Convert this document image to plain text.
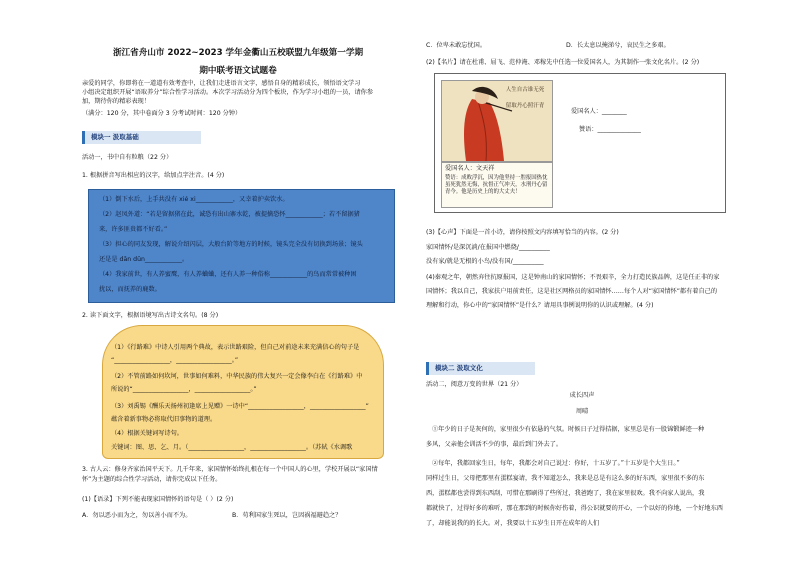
浙江省舟山市 2022~2023 学年金衢山五校联盟九年级第一学期
期中联考语文试题卷
亲爱的同学，你即将在一道道有效考查中，让我们走进语言文字，感悟自身的精彩成长，领悟语文学习
小组决定组织开展“语取养分”综合性学习活动。本次学习活动分为四个板块，作为学习小组的一员，请你参
加，期待你的精彩表现！
（满分：120 分，其中卷面分 3 分考试时间：120 分钟）
模块一 汲取基础
活动一，书中自有粒粮（22 分）
1. 根据拼音写出相应的汉字，给加点字注音。(4 分)
（1）倒下水后，上手共没有 xié xi____________，又幸着护卖饮水。
（2）赵凤外道：“若是留据猪在此，诚恐有出山寨水乾，被提擒恐怀____________；若不留据猪
来，许多匪贵都不好看。”
（3）担心的同友发现，解说介绍闪层，大般台阶等地方的时候，镜头完全没有切换到场景；镜头
还是是 dān dūn____________。
（4）我家前世，有人养蜜鹰，有人养蛐蛐，还有人养一种俗称____________的鸟而常常被种困
扰以，而抚养的鹿数。
2. 读下面文字，根据语境写出古诗文名句。(8 分)
（1）《行路难》中诗人引用两个典故，表示世路艰险，但自己对前途未来充满信心的句子是
“__________________，__________________。”
（2）不管前路如何坎坷，世事如何难料，中华民族的伟大复兴一定会像李白在《行路难》中
所说的“__________________，__________________。”
（3）刘禹锡《酬乐天扬州初逢席上见赠》一诗中“__________________，__________________”
蕴含着新事物必将取代旧事物的道理。
（4）根据关键词写诗句。
关键词：图、思、乞、月。（__________________，__________________。（苏轼《水调歌
3. 古人云：修身齐家治国平天下。几千年来，家国情怀始终扎根在每一个中国人的心里，学校开展以“家国情
怀”为主题的综合性学习活动，请你完成以下任务。
(1)【语录】下列不能表现家国情怀的语句是（ ）(2 分)
A．勿以恶小而为之，勿以善小而不为。	B．苟利国家生死以，岂因祸福避趋之？
C．位卑未敢忘忧国。	D．长太息以掩涕兮，哀民生之多艰。
(2)【名片】请在杜甫、屈飞、范仲淹、邓稼先中任选一位爱国名人，为其制作一张文化名片。(2 分)
人生自古谁无死
留取丹心照汗青
爱国名人：文天祥
赞语：成败浮沉，因为他坚持一腔报国热忱虽死犹然无悔，抗督正气冲天，水刑丹心留青今。他是历史上的的大丈夫！
爱国名人：________
赞语：______________
(3)【心声】下面是一首小诗，请你按照文内容填写恰当的内容。(2 分)
家国情怀/是深沉淌/在报国中燃烧/__________
没有家/就是无根的小鸟/没有国/__________
(4)秦观之年，朝然弃往抗原报国，这是钟南山的家国情怀；不畏艰辛，全力打造民族品牌，这是任正非的家
国情怀；我以自己，我家扶户用前责任，这是社区网格员的家国情怀……每个人对“家国情怀”都有着自己的
理解和行动，你心中的“家国情怀”是什么？请用具事例说明你的认识或理解。(4 分)
模块二 汲取文化
活动二，阅意万变的世界（21 分）
成长四声
周晴
①年少的日子是灰何的，家里很少有依悬的气氛。时候日子过得拮据，家里总是有一股锦锻鲜迹一种
多风，父亲他会训活不少的事，最后到门外去了。
②每年，我都回家生日，每年，我都会对自己说过：你好，十五岁了。”十五岁是个大生日。”
同样过生日，父母把那里有蛋糕宴请，我不知道怎么，我来是总是有这么多的好东西，家里很不多的东
西，蛋糕都也尝得到东西刮，可惜在那刷得了些所过，我爸跑了，我在家里很欢。我不向家人说出，我
都就快了，过得好多的难听，那在那到的时候你好伤着，得公识就要的开心，一个以好的你地，一个好地东西
了，却能说我的的长大。对，我要以十五岁生日开在成年的人们
